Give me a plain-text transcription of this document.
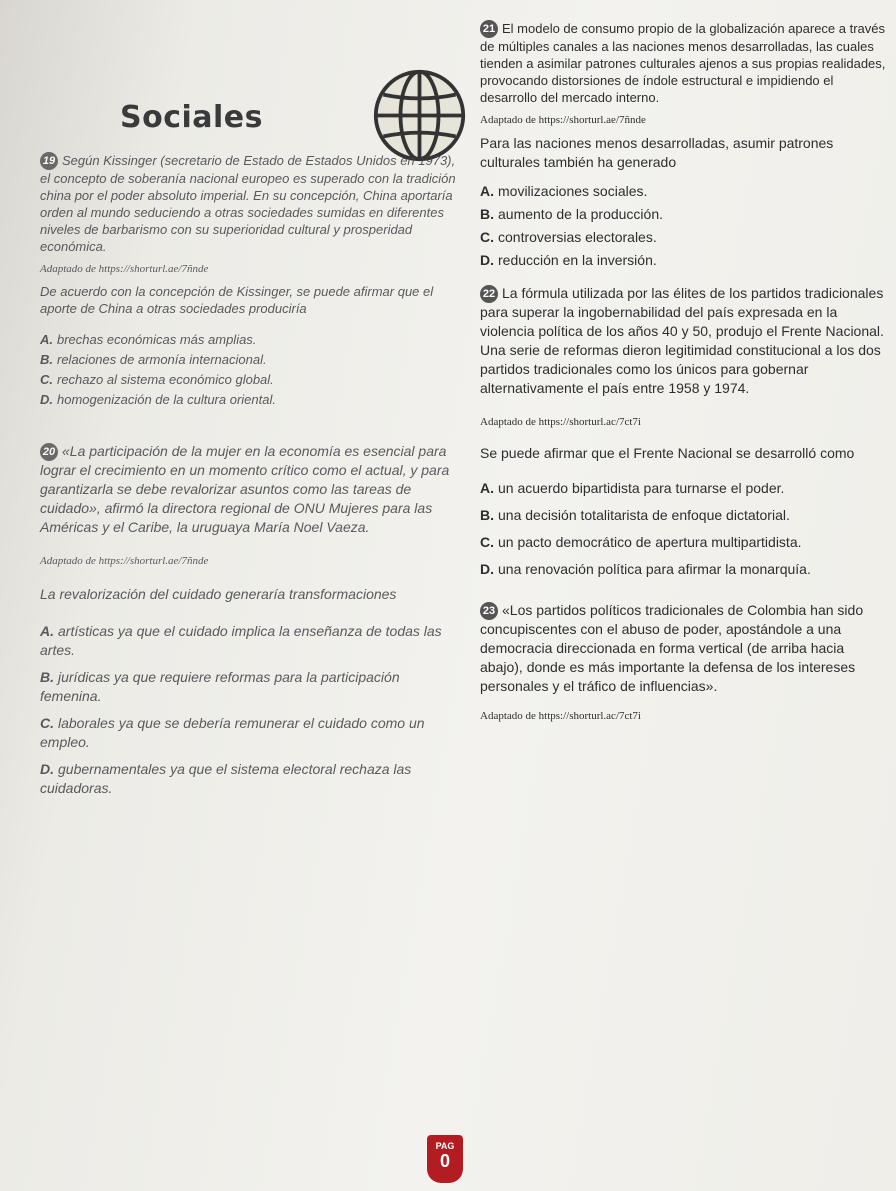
Sociales

19 Según Kissinger (secretario de Estado de Estados Unidos en 1973), el concepto de soberanía nacional europeo es superado con la tradición china por el poder absoluto imperial. En su concepción, China aportaría orden al mundo seduciendo a otras sociedades sumidas en diferentes niveles de barbarismo con su superioridad cultural y prosperidad económica.

Adaptado de https://shorturl.ae/7ñnde

De acuerdo con la concepción de Kissinger, se puede afirmar que el aporte de China a otras sociedades produciría

A. brechas económicas más amplias.

B. relaciones de armonía internacional.

C. rechazo al sistema económico global.

D. homogenización de la cultura oriental.

20 «La participación de la mujer en la economía es esencial para lograr el crecimiento en un momento crítico como el actual, y para garantizarla se debe revalorizar asuntos como las tareas de cuidado», afirmó la directora regional de ONU Mujeres para las Américas y el Caribe, la uruguaya María Noel Vaeza.

Adaptado de https://shorturl.ae/7ñnde

La revalorización del cuidado generaría transformaciones

A. artísticas ya que el cuidado implica la enseñanza de todas las artes.

B. jurídicas ya que requiere reformas para la participación femenina.

C. laborales ya que se debería remunerar el cuidado como un empleo.

D. gubernamentales ya que el sistema electoral rechaza las cuidadoras.

21 El modelo de consumo propio de la globalización aparece a través de múltiples canales a las naciones menos desarrolladas, las cuales tienden a asimilar patrones culturales ajenos a sus propias realidades, provocando distorsiones de índole estructural e impidiendo el desarrollo del mercado interno.

Adaptado de https://shorturl.ae/7ñnde

Para las naciones menos desarrolladas, asumir patrones culturales también ha generado

A. movilizaciones sociales.

B. aumento de la producción.

C. controversias electorales.

D. reducción en la inversión.

22 La fórmula utilizada por las élites de los partidos tradicionales para superar la ingobernabilidad del país expresada en la violencia política de los años 40 y 50, produjo el Frente Nacional. Una serie de reformas dieron legitimidad constitucional a los dos partidos tradicionales como los únicos para gobernar alternativamente el país entre 1958 y 1974.

Adaptado de https://shorturl.ac/7ct7i

Se puede afirmar que el Frente Nacional se desarrolló como

A. un acuerdo bipartidista para turnarse el poder.

B. una decisión totalitarista de enfoque dictatorial.

C. un pacto democrático de apertura multipartidista.

D. una renovación política para afirmar la monarquía.

23 «Los partidos políticos tradicionales de Colombia han sido concupiscentes con el abuso de poder, apostándole a una democracia direccionada en forma vertical (de arriba hacia abajo), donde es más importante la defensa de los intereses personales y el tráfico de influencias».

Adaptado de https://shorturl.ac/7ct7i

PAG
0
